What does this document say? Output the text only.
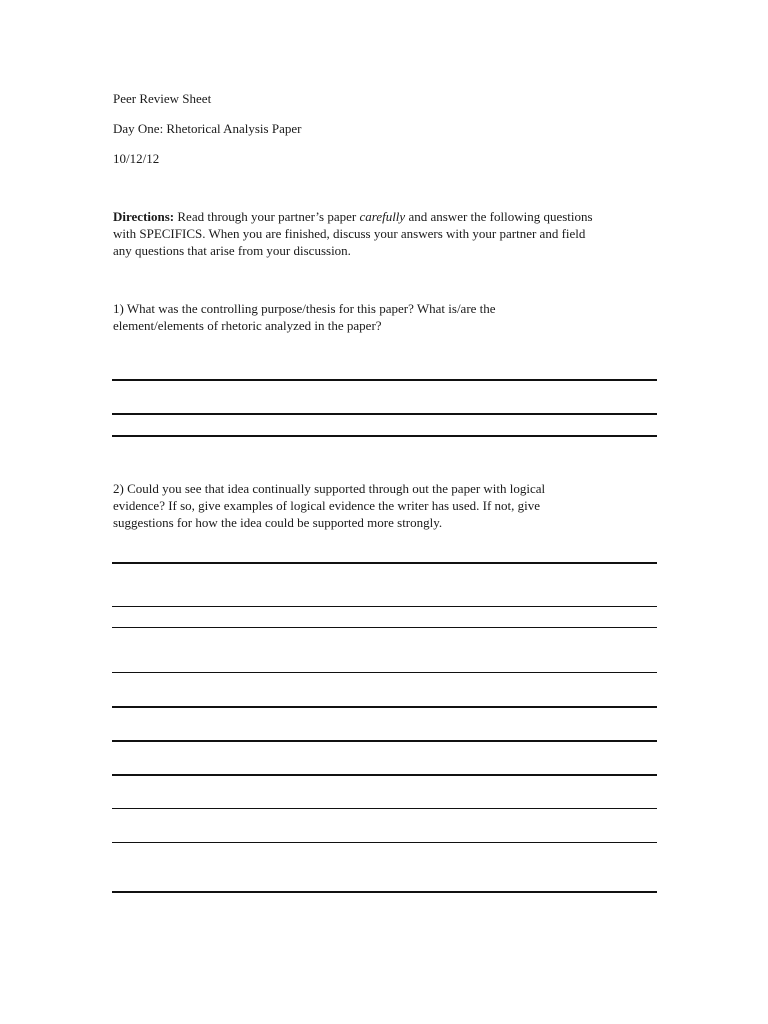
Peer Review Sheet
Day One: Rhetorical Analysis Paper
10/12/12
Directions: Read through your partner’s paper carefully and answer the following questions
with SPECIFICS. When you are finished, discuss your answers with your partner and field
any questions that arise from your discussion.
1) What was the controlling purpose/thesis for this paper? What is/are the
element/elements of rhetoric analyzed in the paper?
2) Could you see that idea continually supported through out the paper with logical
evidence? If so, give examples of logical evidence the writer has used. If not, give
suggestions for how the idea could be supported more strongly.
